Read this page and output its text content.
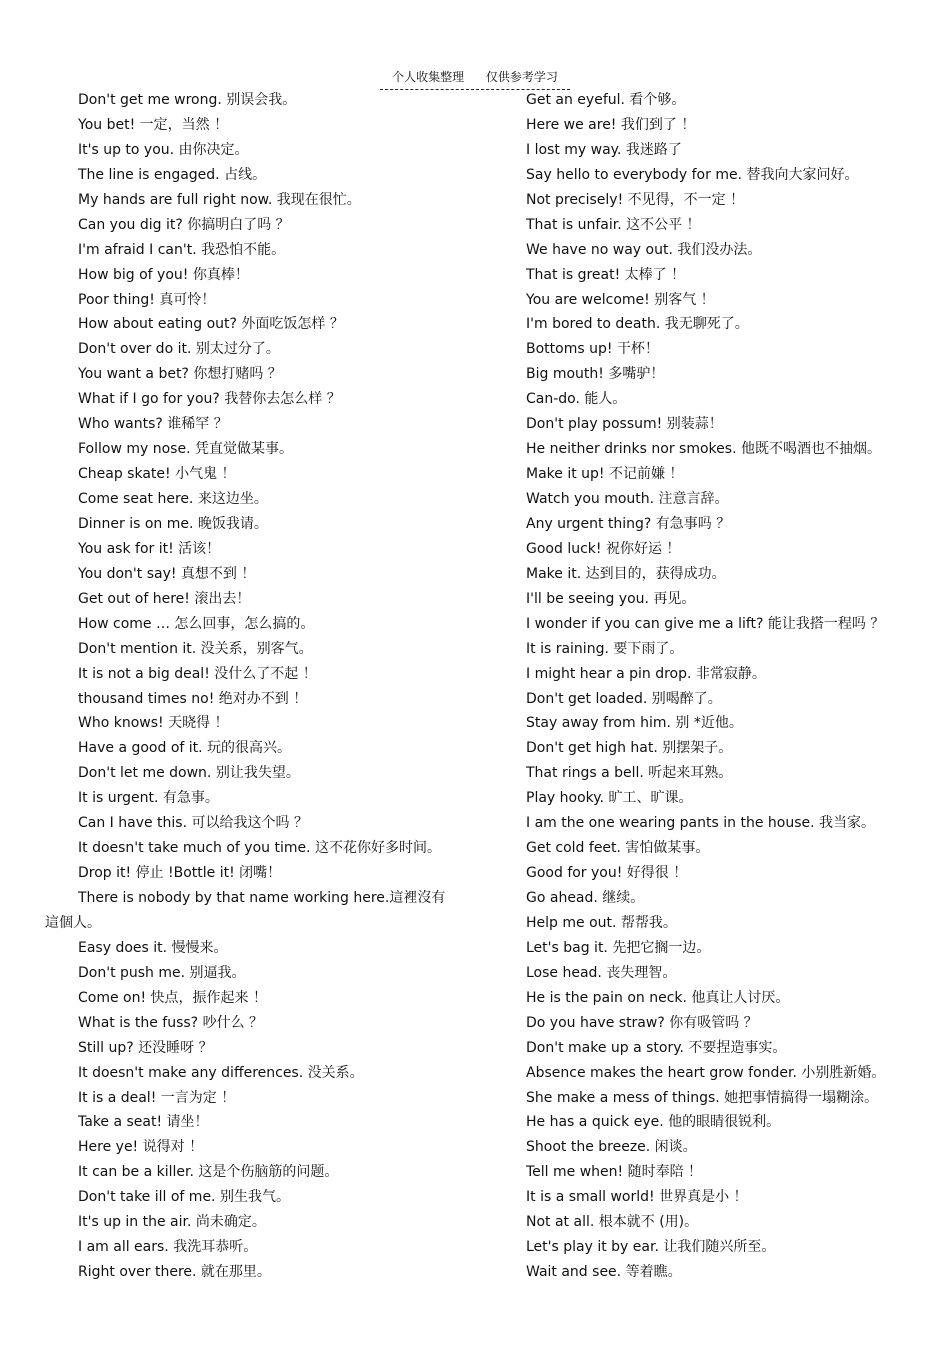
个人收集整理 仅供参考学习
Don't get me wrong. 别误会我。
You bet! 一定，当然 ！
It's up to you. 由你决定。
The line is engaged. 占线。
My hands are full right now. 我现在很忙。
Can you dig it? 你搞明白了吗 ？
I'm afraid I can't. 我恐怕不能。
How big of you! 你真棒！
Poor thing! 真可怜！
How about eating out? 外面吃饭怎样 ？
Don't over do it. 别太过分了。
You want a bet? 你想打赌吗 ？
What if I go for you? 我替你去怎么样 ？
Who wants? 谁稀罕 ？
Follow my nose. 凭直觉做某事。
Cheap skate! 小气鬼 ！
Come seat here. 来这边坐。
Dinner is on me. 晚饭我请。
You ask for it! 活该！
You don't say! 真想不到 ！
Get out of here! 滚出去！
How come … 怎么回事，怎么搞的。
Don't mention it. 没关系，别客气。
It is not a big deal! 没什么了不起 ！
thousand times no! 绝对办不到 ！
Who knows! 天晓得 ！
Have a good of it. 玩的很高兴。
Don't let me down. 别让我失望。
It is urgent. 有急事。
Can I have this. 可以给我这个吗 ？
It doesn't take much of you time. 这不花你好多时间。
Drop it! 停止 !Bottle it! 闭嘴！
There is nobody by that name working here.這裡沒有
這個人。
Easy does it. 慢慢来。
Don't push me. 别逼我。
Come on! 快点，振作起来 ！
What is the fuss? 吵什么 ？
Still up? 还没睡呀 ？
It doesn't make any differences. 没关系。
It is a deal! 一言为定 ！
Take a seat! 请坐！
Here ye! 说得对 ！
It can be a killer. 这是个伤脑筋的问题。
Don't take ill of me. 别生我气。
It's up in the air. 尚未确定。
I am all ears. 我洗耳恭听。
Right over there. 就在那里。
Get an eyeful. 看个够。
Here we are! 我们到了 ！
I lost my way. 我迷路了
Say hello to everybody for me. 替我向大家问好。
Not precisely! 不见得，不一定 ！
That is unfair. 这不公平 ！
We have no way out. 我们没办法。
That is great! 太棒了 ！
You are welcome! 别客气 ！
I'm bored to death. 我无聊死了。
Bottoms up! 干杯！
Big mouth! 多嘴驴！
Can-do. 能人。
Don't play possum! 别装蒜！
He neither drinks nor smokes. 他既不喝酒也不抽烟。
Make it up! 不记前嫌 ！
Watch you mouth. 注意言辞。
Any urgent thing? 有急事吗 ？
Good luck! 祝你好运 ！
Make it. 达到目的，获得成功。
I'll be seeing you. 再见。
I wonder if you can give me a lift? 能让我搭一程吗 ？
It is raining. 要下雨了。
I might hear a pin drop. 非常寂静。
Don't get loaded. 别喝醉了。
Stay away from him. 别 *近他。
Don't get high hat. 别摆架子。
That rings a bell. 听起来耳熟。
Play hooky. 旷工、旷课。
I am the one wearing pants in the house. 我当家。
Get cold feet. 害怕做某事。
Good for you! 好得很 ！
Go ahead. 继续。
Help me out. 帮帮我。
Let's bag it. 先把它搁一边。
Lose head. 丧失理智。
He is the pain on neck. 他真让人讨厌。
Do you have straw? 你有吸管吗 ？
Don't make up a story. 不要捏造事实。
Absence makes the heart grow fonder. 小别胜新婚。
She make a mess of things. 她把事情搞得一塌糊涂。
He has a quick eye. 他的眼睛很锐利。
Shoot the breeze. 闲谈。
Tell me when! 随时奉陪 ！
It is a small world! 世界真是小 ！
Not at all. 根本就不 (用)。
Let's play it by ear. 让我们随兴所至。
Wait and see. 等着瞧。
